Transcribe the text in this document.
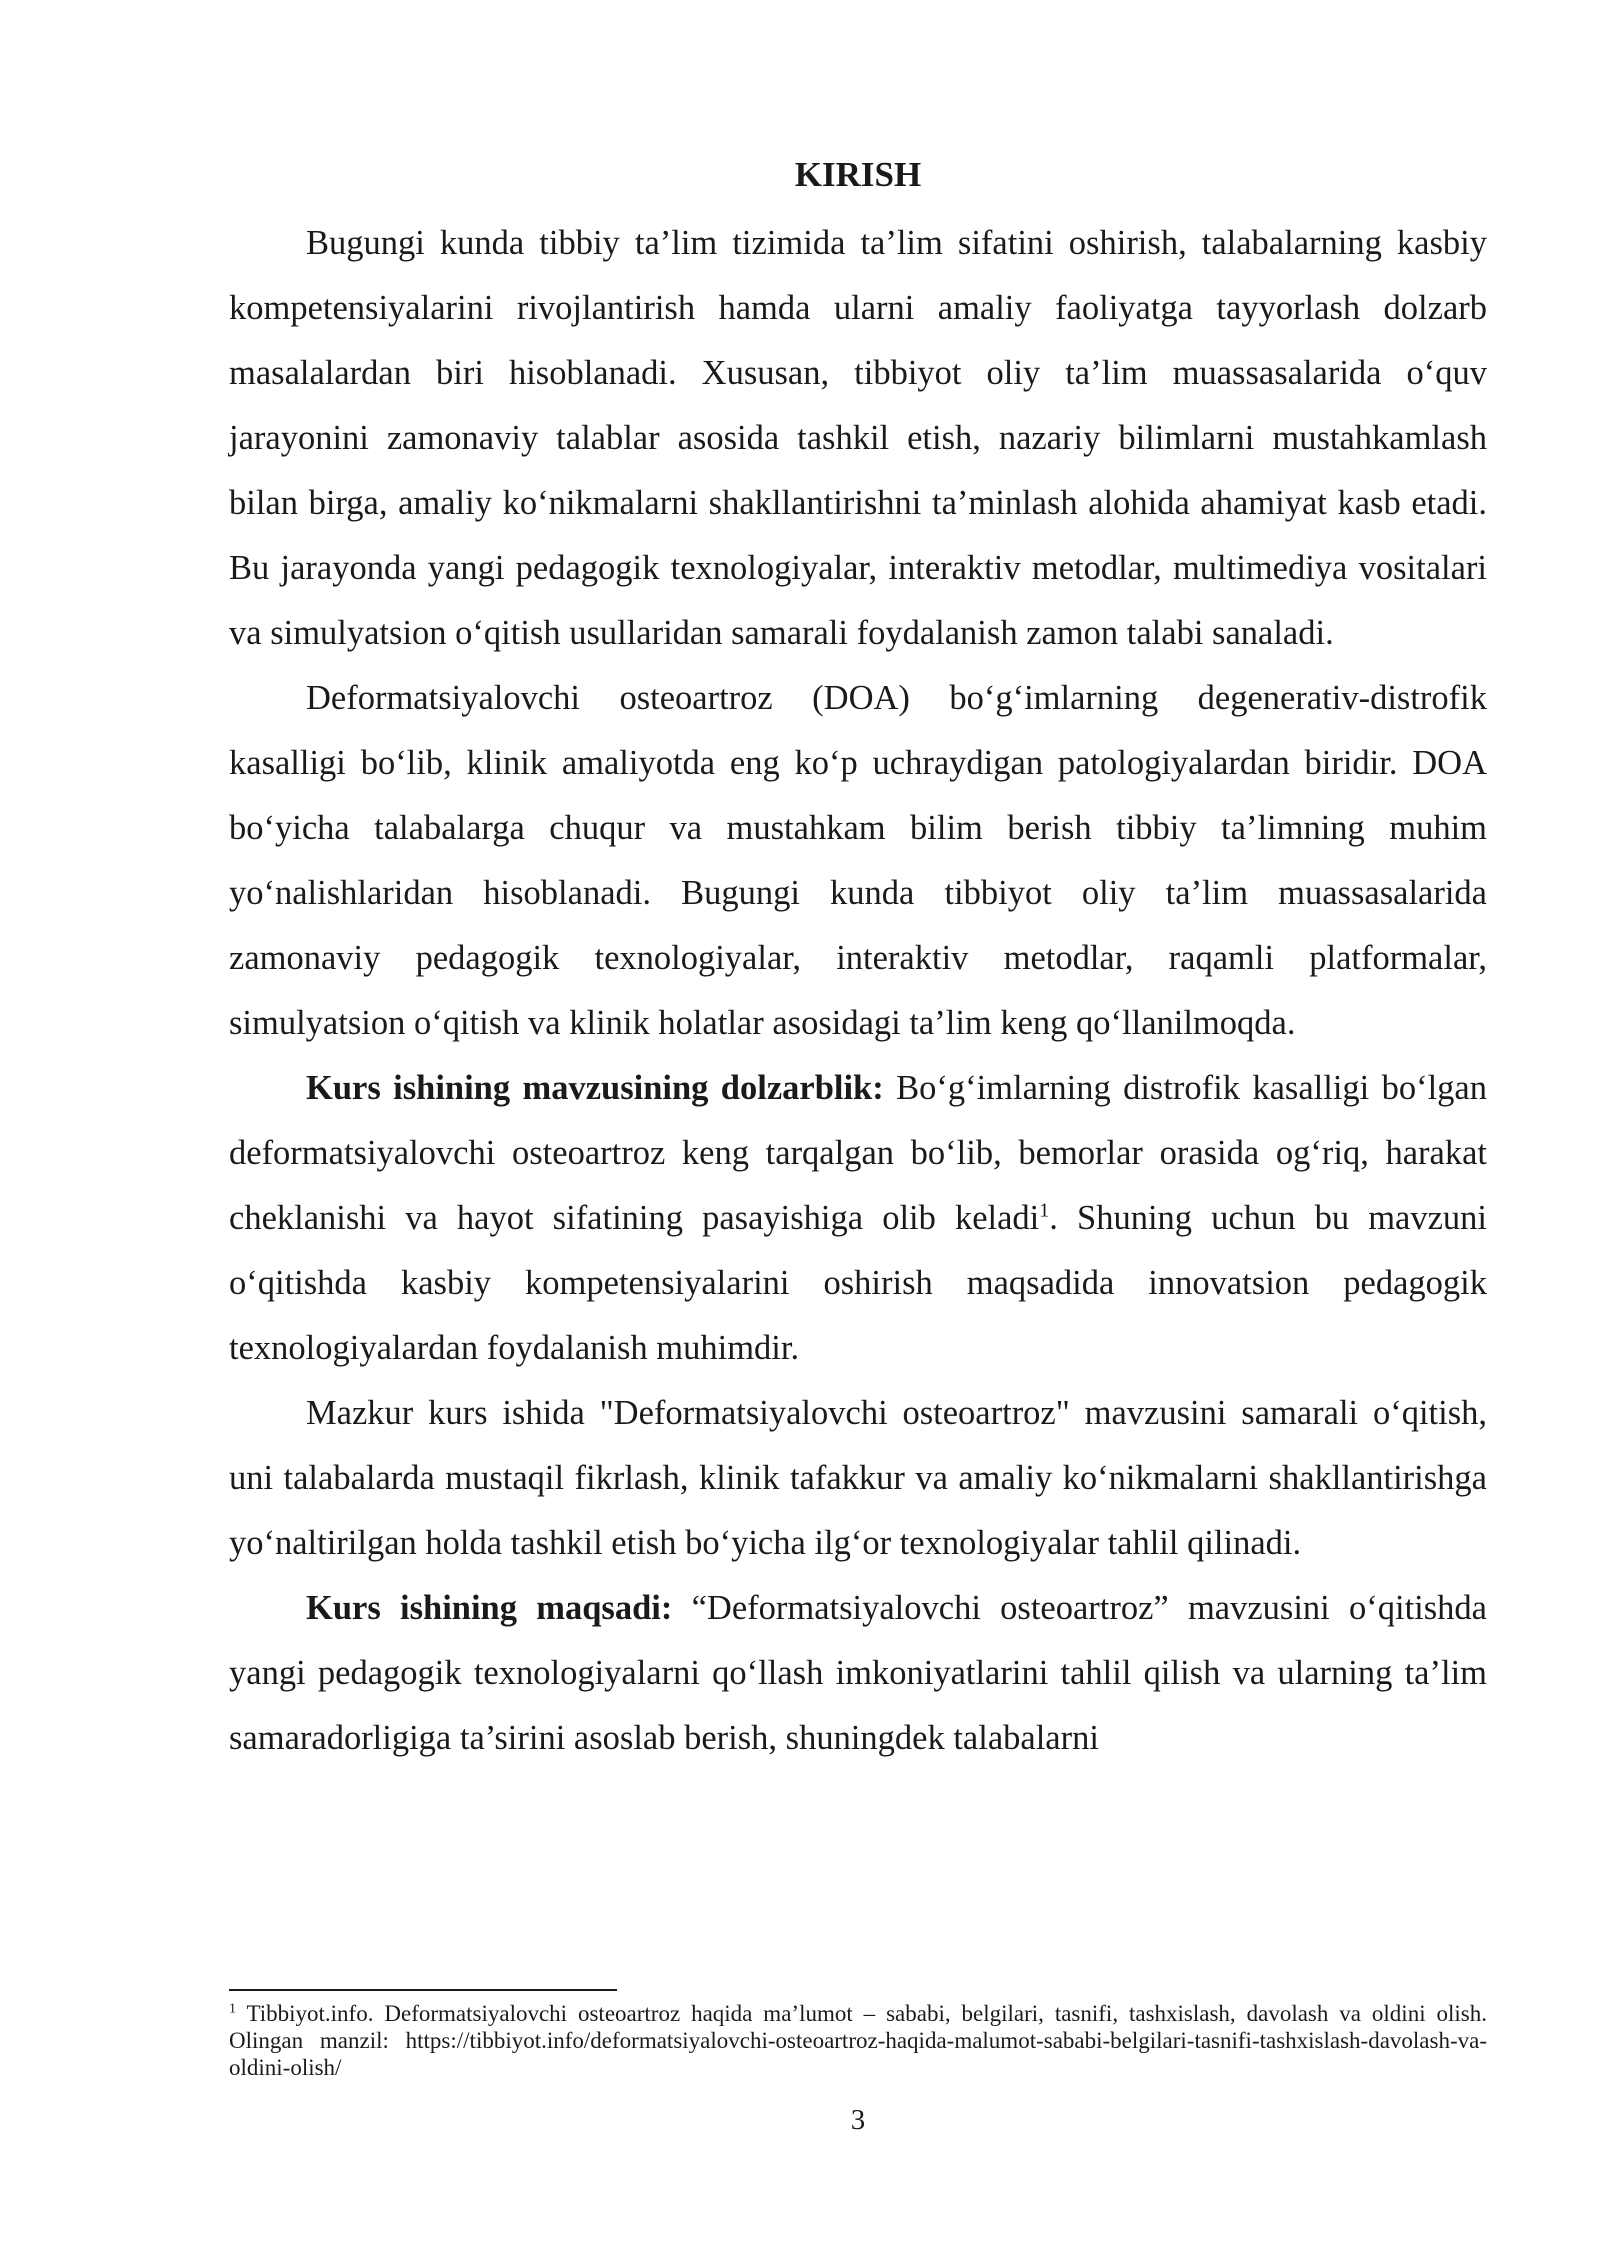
KIRISH

Bugungi kunda tibbiy ta’lim tizimida ta’lim sifatini oshirish, talabalarning kasbiy kompetensiyalarini rivojlantirish hamda ularni amaliy faoliyatga tayyorlash dolzarb masalalardan biri hisoblanadi. Xususan, tibbiyot oliy ta’lim muassasalarida o‘quv jarayonini zamonaviy talablar asosida tashkil etish, nazariy bilimlarni mustahkamlash bilan birga, amaliy ko‘nikmalarni shakllantirishni ta’minlash alohida ahamiyat kasb etadi. Bu jarayonda yangi pedagogik texnologiyalar, interaktiv metodlar, multimediya vositalari va simulyatsion o‘qitish usullaridan samarali foydalanish zamon talabi sanaladi.

Deformatsiyalovchi osteoartroz (DOA) bo‘g‘imlarning degenerativ-distrofik kasalligi bo‘lib, klinik amaliyotda eng ko‘p uchraydigan patologiyalardan biridir. DOA bo‘yicha talabalarga chuqur va mustahkam bilim berish tibbiy ta’limning muhim yo‘nalishlaridan hisoblanadi. Bugungi kunda tibbiyot oliy ta’lim muassasalarida zamonaviy pedagogik texnologiyalar, interaktiv metodlar, raqamli platformalar, simulyatsion o‘qitish va klinik holatlar asosidagi ta’lim keng qo‘llanilmoqda.

Kurs ishining mavzusining dolzarblik: Bo‘g‘imlarning distrofik kasalligi bo‘lgan deformatsiyalovchi osteoartroz keng tarqalgan bo‘lib, bemorlar orasida og‘riq, harakat cheklanishi va hayot sifatining pasayishiga olib keladi$^1$. Shuning uchun bu mavzuni o‘qitishda kasbiy kompetensiyalarini oshirish maqsadida innovatsion pedagogik texnologiyalardan foydalanish muhimdir.

Mazkur kurs ishida "Deformatsiyalovchi osteoartroz" mavzusini samarali o‘qitish, uni talabalarda mustaqil fikrlash, klinik tafakkur va amaliy ko‘nikmalarni shakllantirishga yo‘naltirilgan holda tashkil etish bo‘yicha ilg‘or texnologiyalar tahlil qilinadi.

Kurs ishining maqsadi: “Deformatsiyalovchi osteoartroz” mavzusini o‘qitishda yangi pedagogik texnologiyalarni qo‘llash imkoniyatlarini tahlil qilish va ularning ta’lim samaradorligiga ta’sirini asoslab berish, shuningdek talabalarni

$^1$ Tibbiyot.info. Deformatsiyalovchi osteoartroz haqida ma’lumot – sababi, belgilari, tasnifi, tashxislash, davolash va oldini olish. Olingan manzil: https://tibbiyot.info/deformatsiyalovchi-osteoartroz-haqida-malumot-sababi-belgilari-tasnifi-tashxislash-davolash-va-oldini-olish/
3
